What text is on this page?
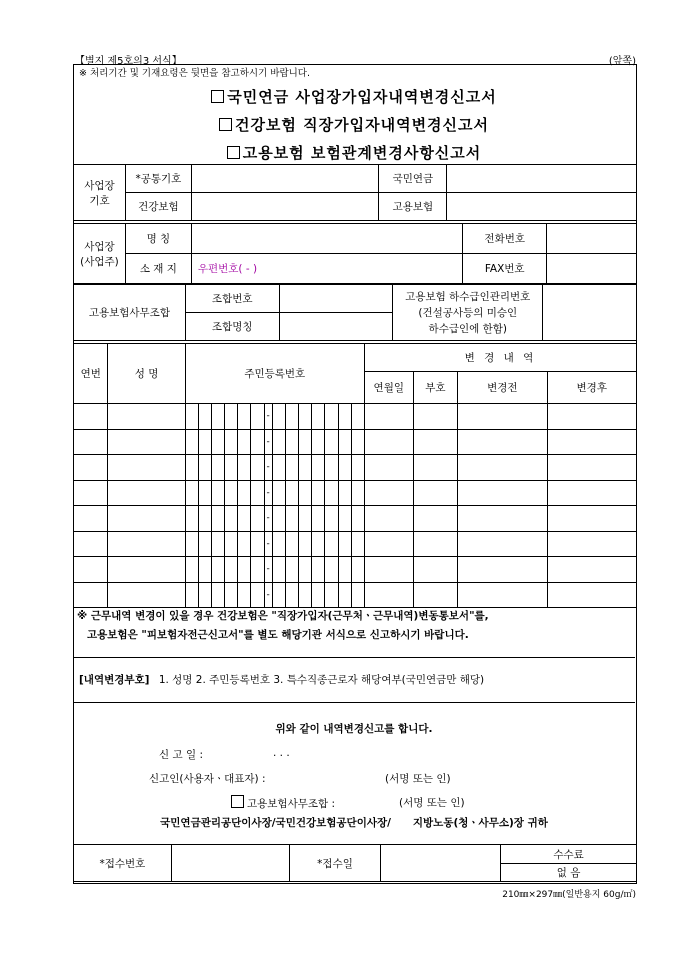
【별지 제5호의3 서식】	(앞쪽)
※ 처리기간 및 기재요령은 뒷면을 참고하시기 바랍니다.
국민연금 사업장가입자내역변경신고서
건강보험 직장가입자내역변경신고서
고용보험 보험관계변경사항신고서
사업장 기호	*공통기호		국민연금	
	건강보험		고용보험	
사업장 (사업주)	명 칭		전화번호	
	소 재 지	우편번호( - )	FAX번호	
고용보험사무조합	조합번호		고용보험 하수급인관리번호
(건설공사등의 미승인
하수급인에 한함)	

	조합명칭			
연번	성 명	주민등록번호														변 경 내 역			
																연월일	부호	변경전	변경후
								-											
								-											
								-											
								-											
								-											
								-											
								-											
								-											
※ 근무내역 변경이 있을 경우 건강보험은 "직장가입자(근무처ㆍ근무내역)변동통보서"를,
고용보험은 "피보험자전근신고서"를 별도 해당기관 서식으로 신고하시기 바랍니다.
[내역변경부호] 1. 성명 2. 주민등록번호 3. 특수직종근로자 해당여부(국민연금만 해당)
위와 같이 내역변경신고를 합니다.
신 고 일 :	. . .
신고인(사용자ㆍ대표자) :	(서명 또는 인)
고용보험사무조합 :	(서명 또는 인)
국민연금관리공단이사장/국민건강보험공단이사장/      지방노동(청ㆍ사무소)장 귀하
*접수번호		*접수일		수수료
없 음
210㎜×297㎜(일반용지 60g/㎡)
